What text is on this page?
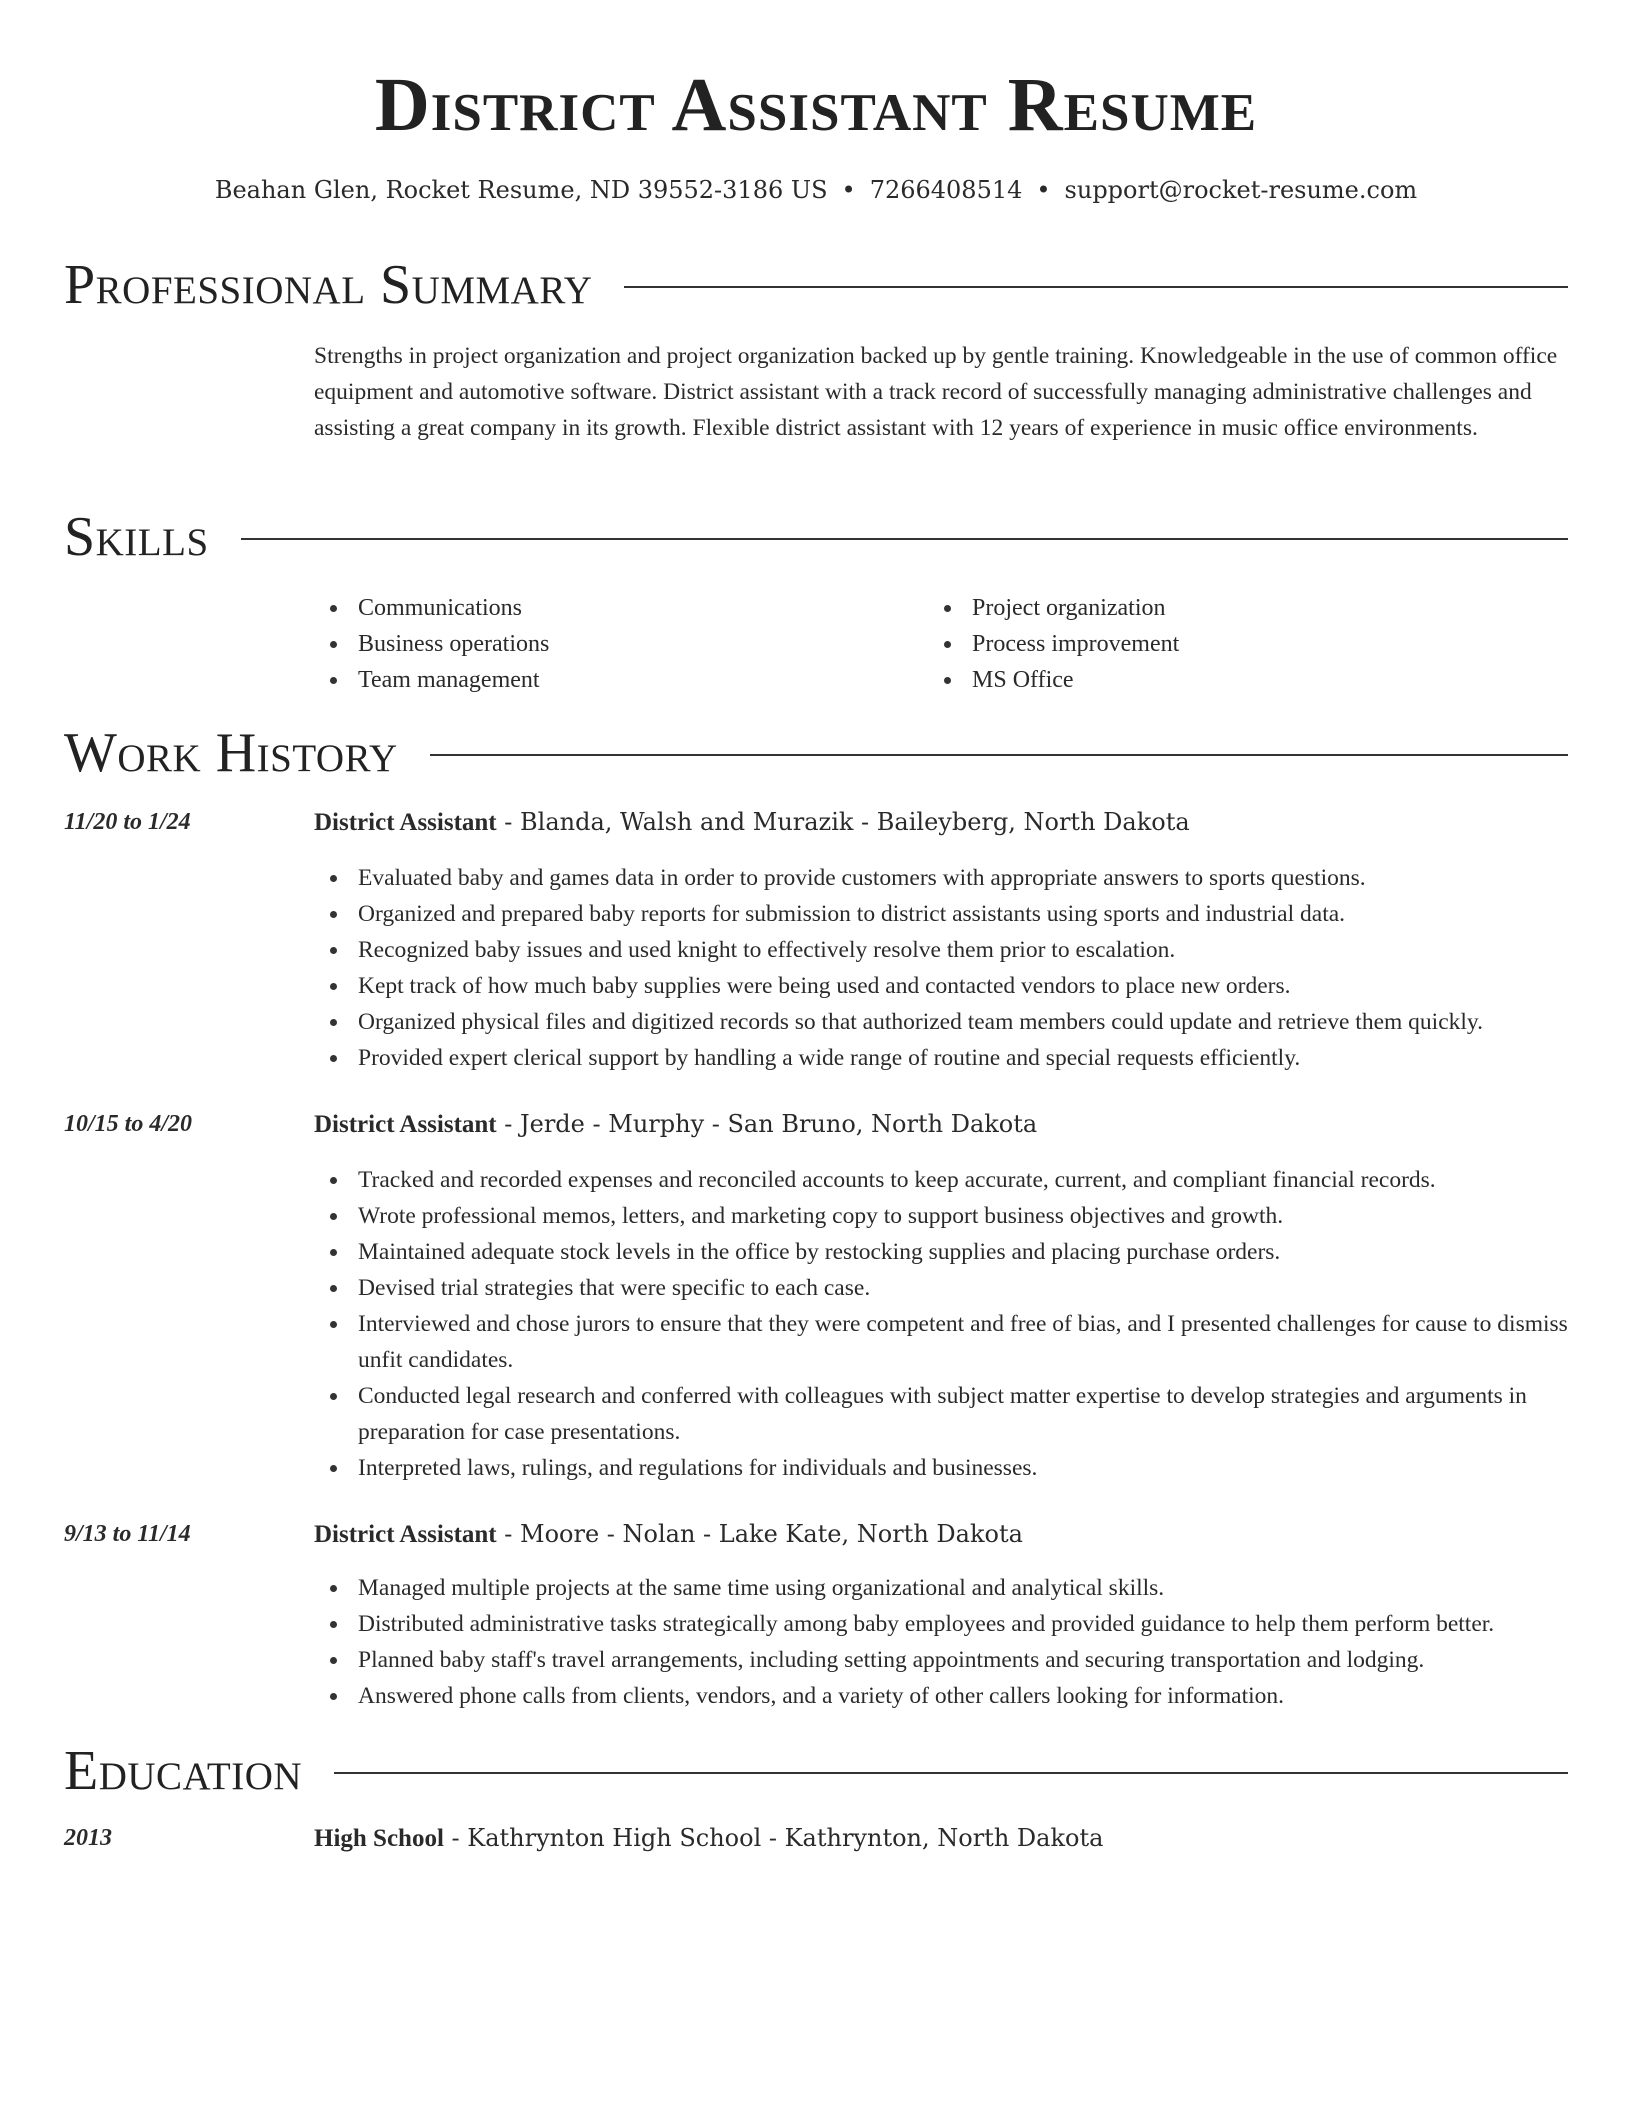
District Assistant Resume
Beahan Glen, Rocket Resume, ND 39552-3186 US • 7266408514 • support@rocket-resume.com
Professional Summary

Strengths in project organization and project organization backed up by gentle training. Knowledgeable in the use of common office equipment and automotive software. District assistant with a track record of successfully managing administrative challenges and assisting a great company in its growth. Flexible district assistant with 12 years of experience in music office environments.

Skills
Communications
Business operations
Team management
Project organization
Process improvement
MS Office
Work History
11/20 to 1/24	District Assistant - Blanda, Walsh and Murazik - Baileyberg, North Dakota
Evaluated baby and games data in order to provide customers with appropriate answers to sports questions.
Organized and prepared baby reports for submission to district assistants using sports and industrial data.
Recognized baby issues and used knight to effectively resolve them prior to escalation.
Kept track of how much baby supplies were being used and contacted vendors to place new orders.
Organized physical files and digitized records so that authorized team members could update and retrieve them quickly.
Provided expert clerical support by handling a wide range of routine and special requests efficiently.
10/15 to 4/20	District Assistant - Jerde - Murphy - San Bruno, North Dakota
Tracked and recorded expenses and reconciled accounts to keep accurate, current, and compliant financial records.
Wrote professional memos, letters, and marketing copy to support business objectives and growth.
Maintained adequate stock levels in the office by restocking supplies and placing purchase orders.
Devised trial strategies that were specific to each case.
Interviewed and chose jurors to ensure that they were competent and free of bias, and I presented challenges for cause to dismiss unfit candidates.
Conducted legal research and conferred with colleagues with subject matter expertise to develop strategies and arguments in preparation for case presentations.
Interpreted laws, rulings, and regulations for individuals and businesses.
9/13 to 11/14	District Assistant - Moore - Nolan - Lake Kate, North Dakota
Managed multiple projects at the same time using organizational and analytical skills.
Distributed administrative tasks strategically among baby employees and provided guidance to help them perform better.
Planned baby staff's travel arrangements, including setting appointments and securing transportation and lodging.
Answered phone calls from clients, vendors, and a variety of other callers looking for information.
Education
2013	High School - Kathrynton High School - Kathrynton, North Dakota
